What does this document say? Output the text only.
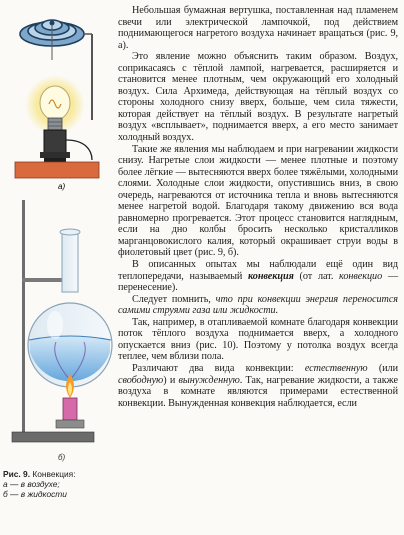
а)
б)
Рис. 9. Конвекция:
а — в воздухе;
б — в жидкости

Небольшая бумажная вертушка, поставленная над пламенем свечи или электрической лампочкой, под действием поднимающегося нагретого воздуха начинает вращаться (рис. 9, а).

Это явление можно объяснить таким образом. Воздух, соприкасаясь с тёплой лампой, нагревается, расширяется и становится менее плотным, чем окружающий его холодный воздух. Сила Архимеда, действующая на тёплый воздух со стороны холодного снизу вверх, больше, чем сила тяжести, которая действует на тёплый воздух. В результате нагретый воздух «всплывает», поднимается вверх, а его место занимает холодный воздух.

Такие же явления мы наблюдаем и при нагревании жидкости снизу. Нагретые слои жидкости — менее плотные и поэтому более лёгкие — вытесняются вверх более тяжёлыми, холодными слоями. Холодные слои жидкости, опустившись вниз, в свою очередь, нагреваются от источника тепла и вновь вытесняются менее нагретой водой. Благодаря такому движению вся вода равномерно прогревается. Этот процесс становится наглядным, если на дно колбы бросить несколько кристалликов марганцовокислого калия, который окрашивает струи воды в фиолетовый цвет (рис. 9, б).

В описанных опытах мы наблюдали ещё один вид теплопередачи, называемый конвекция (от лат. конвекцио — перенесение).

Следует помнить, что при конвекции энергия переносится самими струями газа или жидкости.

Так, например, в отапливаемой комнате благодаря конвекции поток тёплого воздуха поднимается вверх, а холодного опускается вниз (рис. 10). Поэтому у потолка воздух всегда теплее, чем вблизи пола.

Различают два вида конвекции: естественную (или свободную) и вынужденную. Так, нагревание жидкости, а также воздуха в комнате являются примерами естественной конвекции. Вынужденная конвекция наблюдается, если
